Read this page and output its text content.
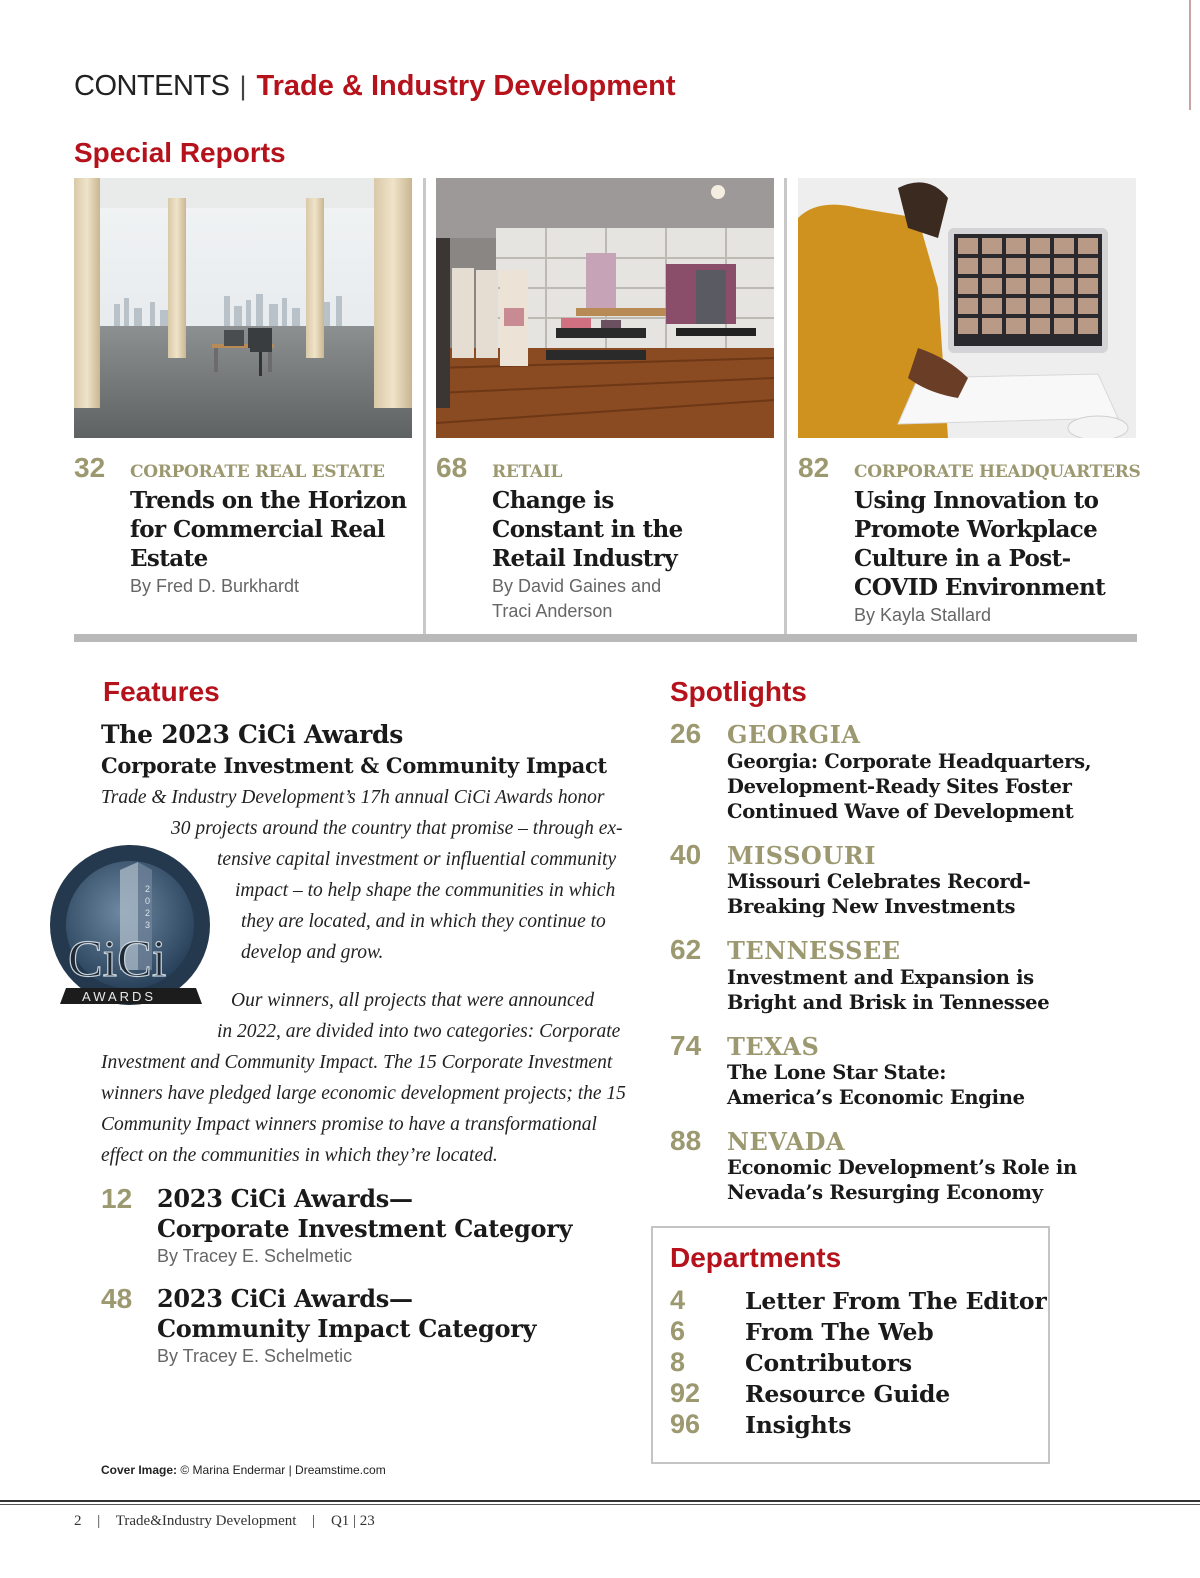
CONTENTS | Trade & Industry Development
Special Reports
32 CORPORATE REAL ESTATE
Trends on the Horizon for Commercial Real Estate
By Fred D. Burkhardt
68 RETAIL
Change is Constant in the Retail Industry
By David Gaines and Traci Anderson
82 CORPORATE HEADQUARTERS
Using Innovation to Promote Workplace Culture in a Post-COVID Environment
By Kayla Stallard
Features
The 2023 CiCi Awards
Corporate Investment & Community Impact
Trade & Industry Development’s 17h annual CiCi Awards honor
30 projects around the country that promise – through ex-
tensive capital investment or influential community
impact – to help shape the communities in which
they are located, and in which they continue to
develop and grow.
Our winners, all projects that were announced
in 2022, are divided into two categories: Corporate
Investment and Community Impact. The 15 Corporate Investment
winners have pledged large economic development projects; the 15
Community Impact winners promise to have a transformational
effect on the communities in which they’re located.
2
0
2
3
CiCi
AWARDS
12 2023 CiCi Awards—
Corporate Investment Category
By Tracey E. Schelmetic
48 2023 CiCi Awards—
Community Impact Category
By Tracey E. Schelmetic
Spotlights
26 GEORGIA
Georgia: Corporate Headquarters,
Development-Ready Sites Foster
Continued Wave of Development
40 MISSOURI
Missouri Celebrates Record-
Breaking New Investments
62 TENNESSEE
Investment and Expansion is
Bright and Brisk in Tennessee
74 TEXAS
The Lone Star State:
America’s Economic Engine
88 NEVADA
Economic Development’s Role in
Nevada’s Resurging Economy
Departments
4	Letter From The Editor
6	From The Web
8	Contributors
92 Resource Guide
96 Insights
Cover Image: © Marina Endermar | Dreamstime.com
2 | Trade&Industry Development | Q1 | 23
